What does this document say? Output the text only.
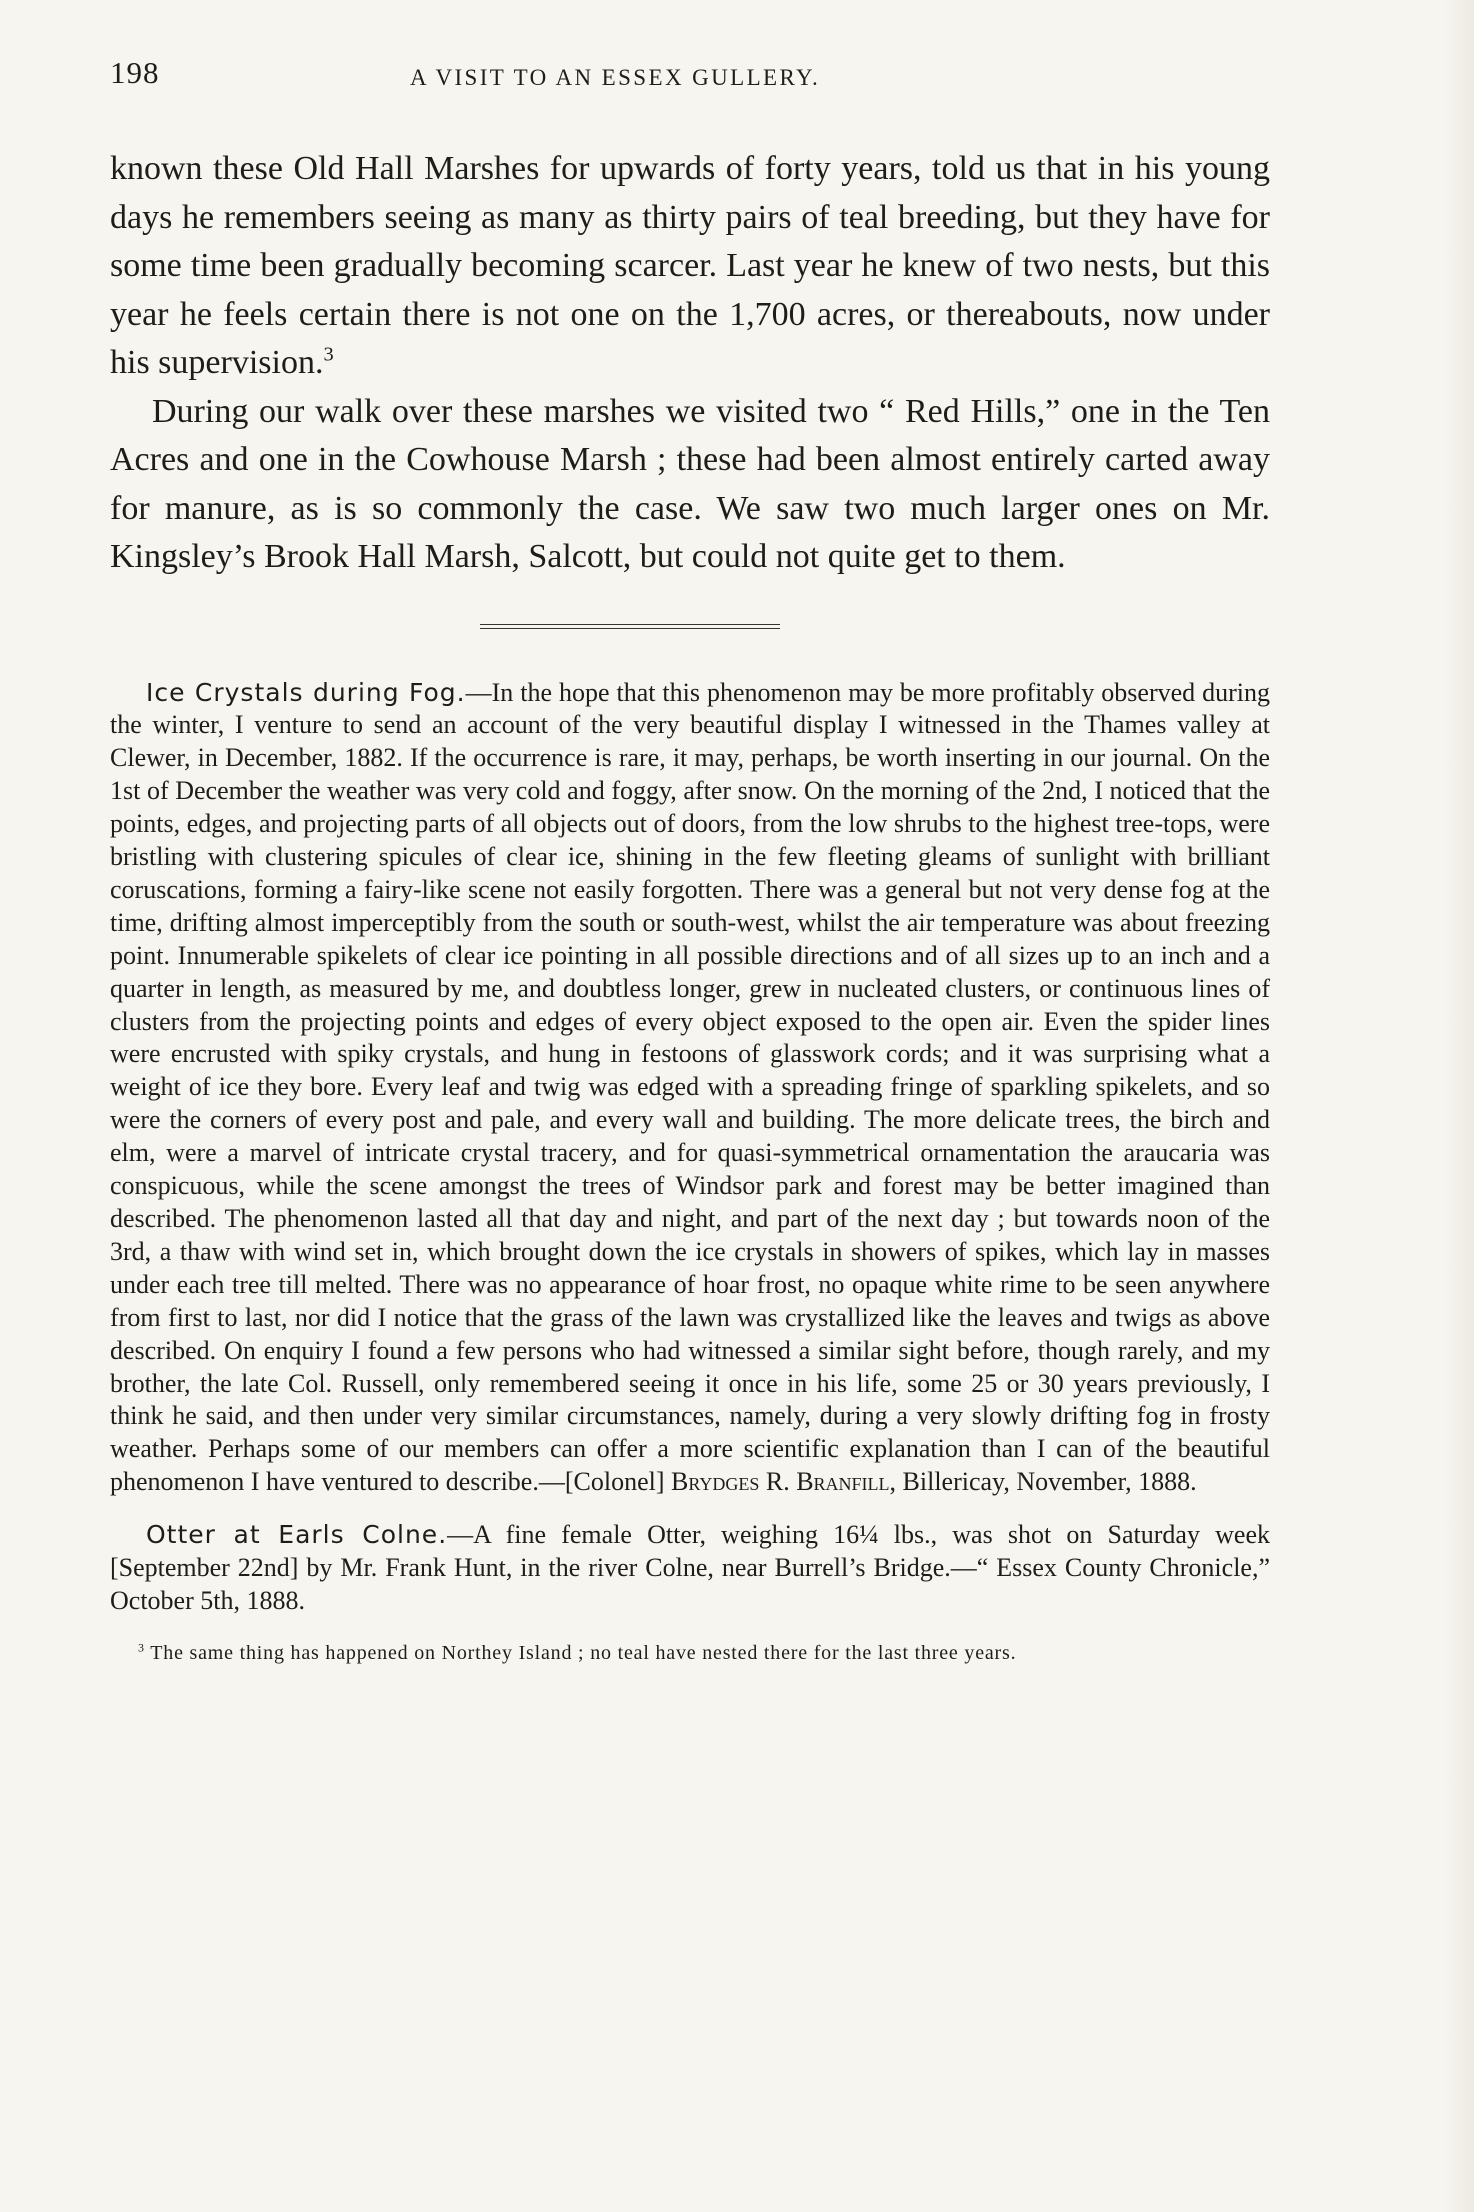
198	A VISIT TO AN ESSEX GULLERY.

known these Old Hall Marshes for upwards of forty years, told us that in his young days he remembers seeing as many as thirty pairs of teal breeding, but they have for some time been gradually becoming scarcer. Last year he knew of two nests, but this year he feels certain there is not one on the 1,700 acres, or thereabouts, now under his supervision.$^3$

During our walk over these marshes we visited two “ Red Hills,” one in the Ten Acres and one in the Cowhouse Marsh ; these had been almost entirely carted away for manure, as is so commonly the case. We saw two much larger ones on Mr. Kingsley’s Brook Hall Marsh, Salcott, but could not quite get to them.

Ice Crystals during Fog.—In the hope that this phenomenon may be more profitably observed during the winter, I venture to send an account of the very beautiful display I witnessed in the Thames valley at Clewer, in December, 1882. If the occurrence is rare, it may, perhaps, be worth inserting in our journal. On the 1st of December the weather was very cold and foggy, after snow. On the morning of the 2nd, I noticed that the points, edges, and projecting parts of all objects out of doors, from the low shrubs to the highest tree-tops, were bristling with clustering spicules of clear ice, shining in the few fleeting gleams of sunlight with brilliant coruscations, forming a fairy-like scene not easily forgotten. There was a general but not very dense fog at the time, drifting almost imperceptibly from the south or south-west, whilst the air temperature was about freezing point. Innumerable spikelets of clear ice pointing in all possible directions and of all sizes up to an inch and a quarter in length, as measured by me, and doubtless longer, grew in nucleated clusters, or continuous lines of clusters from the projecting points and edges of every object exposed to the open air. Even the spider lines were encrusted with spiky crystals, and hung in festoons of glasswork cords; and it was surprising what a weight of ice they bore. Every leaf and twig was edged with a spreading fringe of sparkling spikelets, and so were the corners of every post and pale, and every wall and building. The more delicate trees, the birch and elm, were a marvel of intricate crystal tracery, and for quasi-symmetrical ornamentation the araucaria was conspicuous, while the scene amongst the trees of Windsor park and forest may be better imagined than described. The phenomenon lasted all that day and night, and part of the next day ; but towards noon of the 3rd, a thaw with wind set in, which brought down the ice crystals in showers of spikes, which lay in masses under each tree till melted. There was no appearance of hoar frost, no opaque white rime to be seen anywhere from first to last, nor did I notice that the grass of the lawn was crystallized like the leaves and twigs as above described. On enquiry I found a few persons who had witnessed a similar sight before, though rarely, and my brother, the late Col. Russell, only remembered seeing it once in his life, some 25 or 30 years previously, I think he said, and then under very similar circumstances, namely, during a very slowly drifting fog in frosty weather. Perhaps some of our members can offer a more scientific explanation than I can of the beautiful phenomenon I have ventured to describe.—[Colonel] Brydges R. Branfill, Billericay, November, 1888.

Otter at Earls Colne.—A fine female Otter, weighing 16¼ lbs., was shot on Saturday week [September 22nd] by Mr. Frank Hunt, in the river Colne, near Burrell’s Bridge.—“ Essex County Chronicle,” October 5th, 1888.

$^3$ The same thing has happened on Northey Island ; no teal have nested there for the last three years.
